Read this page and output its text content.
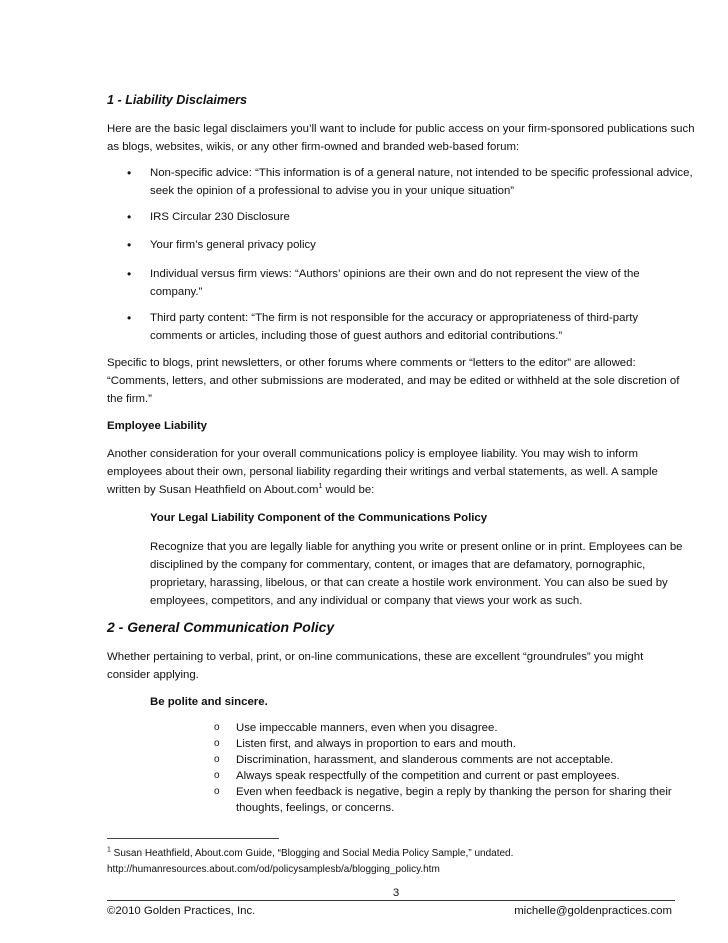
1 - Liability Disclaimers
Here are the basic legal disclaimers you’ll want to include for public access on your firm-sponsored publications such
as blogs, websites, wikis, or any other firm-owned and branded web-based forum:
• Non-specific advice: “This information is of a general nature, not intended to be specific professional advice,
seek the opinion of a professional to advise you in your unique situation”
• IRS Circular 230 Disclosure
• Your firm’s general privacy policy
• Individual versus firm views: “Authors’ opinions are their own and do not represent the view of the
company.”
• Third party content: “The firm is not responsible for the accuracy or appropriateness of third-party
comments or articles, including those of guest authors and editorial contributions.”
Specific to blogs, print newsletters, or other forums where comments or “letters to the editor” are allowed:
“Comments, letters, and other submissions are moderated, and may be edited or withheld at the sole discretion of
the firm.”
Employee Liability
Another consideration for your overall communications policy is employee liability. You may wish to inform
employees about their own, personal liability regarding their writings and verbal statements, as well. A sample
written by Susan Heathfield on About.com$^1$ would be:
Your Legal Liability Component of the Communications Policy
Recognize that you are legally liable for anything you write or present online or in print. Employees can be
disciplined by the company for commentary, content, or images that are defamatory, pornographic,
proprietary, harassing, libelous, or that can create a hostile work environment. You can also be sued by
employees, competitors, and any individual or company that views your work as such.
2 - General Communication Policy
Whether pertaining to verbal, print, or on-line communications, these are excellent “groundrules” you might
consider applying.
Be polite and sincere.
o Use impeccable manners, even when you disagree.
o Listen first, and always in proportion to ears and mouth.
o Discrimination, harassment, and slanderous comments are not acceptable.
o Always speak respectfully of the competition and current or past employees.
o Even when feedback is negative, begin a reply by thanking the person for sharing their
thoughts, feelings, or concerns.
$^1$ Susan Heathfield, About.com Guide, “Blogging and Social Media Policy Sample,” undated.
http://humanresources.about.com/od/policysamplesb/a/blogging_policy.htm
3
©2010 Golden Practices, Inc.	michelle@goldenpractices.com
